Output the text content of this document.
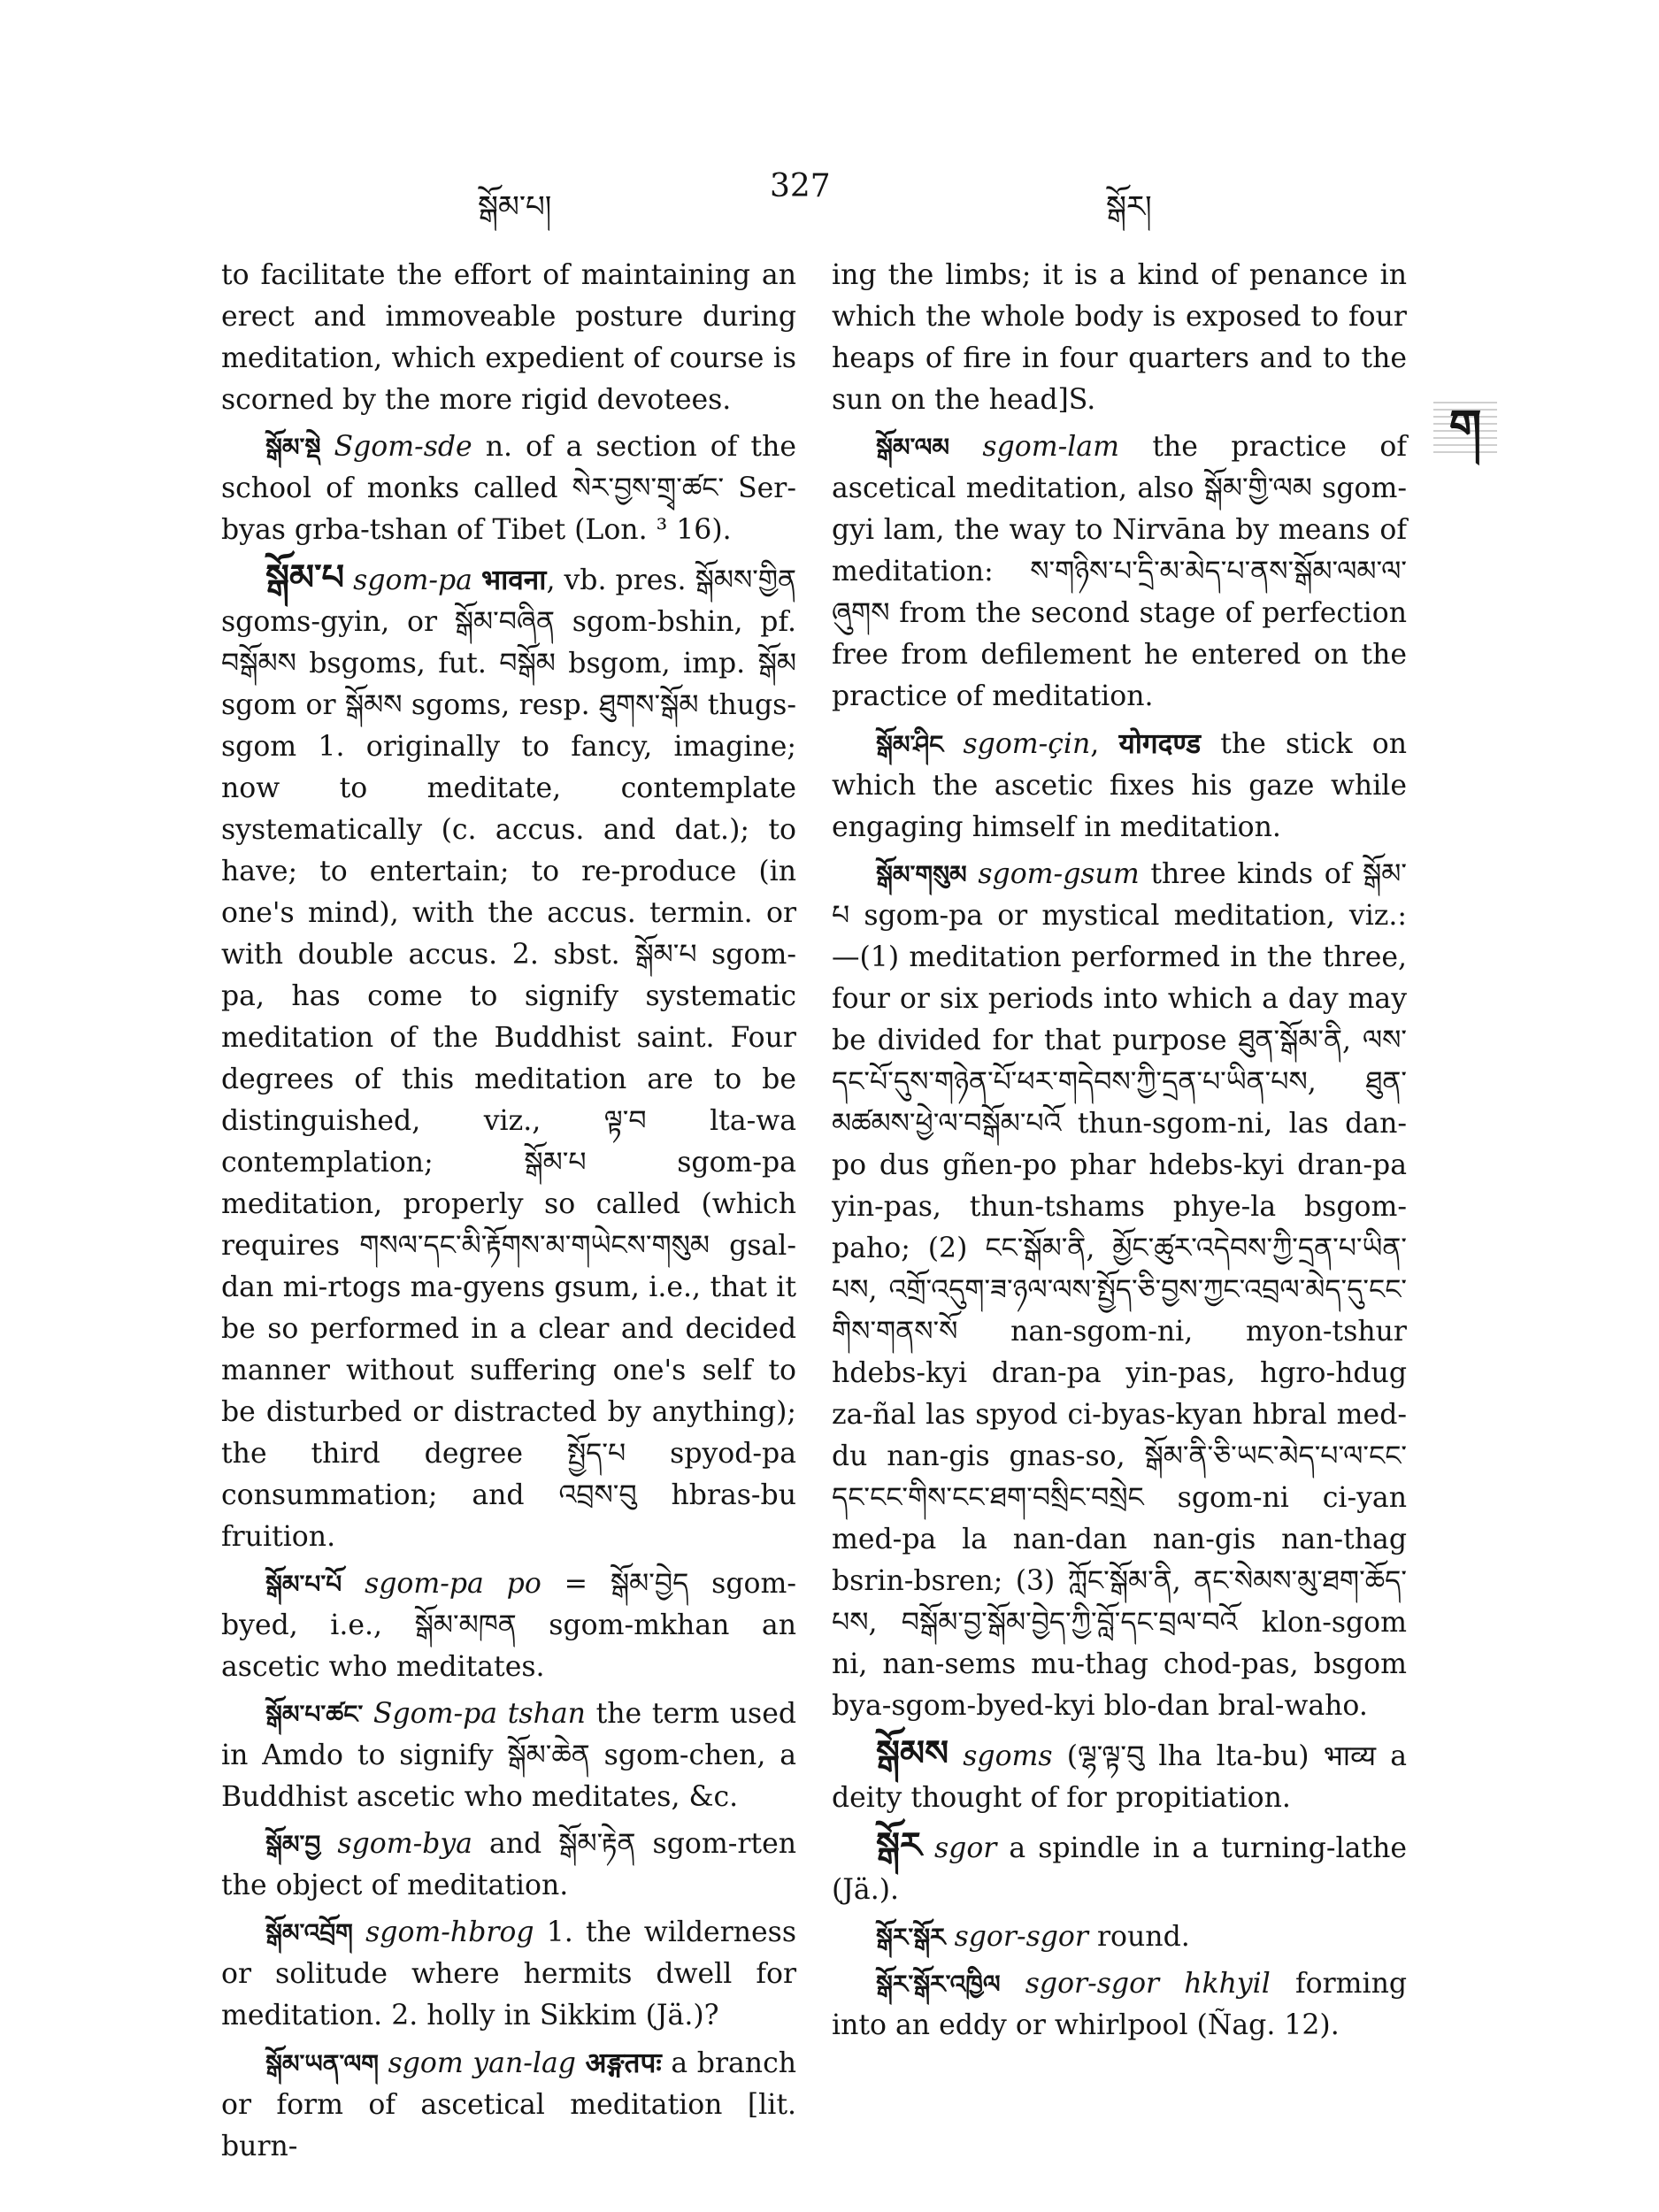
སྒོམ་པ།
327
སྒོར།
ག

to facilitate the effort of maintaining an erect and immoveable posture during meditation, which expedient of course is scorned by the more rigid devotees.

སྒོམ་སྡེ Sgom-sde n. of a section of the school of monks called སེར་བྱས་གྲྭ་ཚང་ Ser-byas grba-tshan of Tibet (Lon. ³ 16).

སྒོམ་པ sgom-pa भावना, vb. pres. སྒོམས་གྱིན sgoms-gyin, or སྒོམ་བཞིན sgom-bshin, pf. བསྒོམས bsgoms, fut. བསྒོམ bsgom, imp. སྒོམ sgom or སྒོམས sgoms, resp. ཐུགས་སྒོམ thugs-sgom 1. originally to fancy, imagine; now to meditate, contemplate systematically (c. accus. and dat.); to have; to entertain; to re-produce (in one's mind), with the accus. termin. or with double accus. 2. sbst. སྒོམ་པ sgom-pa, has come to signify systematic meditation of the Buddhist saint. Four degrees of this meditation are to be distinguished, viz., ལྟ་བ lta-wa contemplation; སྒོམ་པ sgom-pa meditation, properly so called (which requires གསལ་དང་མི་རྟོགས་མ་གཡེངས་གསུམ gsal-dan mi-rtogs ma-gyens gsum, i.e., that it be so performed in a clear and decided manner without suffering one's self to be disturbed or distracted by anything); the third degree སྤྱོད་པ spyod-pa consummation; and འབྲས་བུ hbras-bu fruition.

སྒོམ་པ་པོ sgom-pa po = སྒོམ་བྱེད sgom-byed, i.e., སྒོམ་མཁན sgom-mkhan an ascetic who meditates.

སྒོམ་པ་ཚང་ Sgom-pa tshan the term used in Amdo to signify སྒོམ་ཆེན sgom-chen, a Buddhist ascetic who meditates, &c.

སྒོམ་བྱ sgom-bya and སྒོམ་རྟེན sgom-rten the object of meditation.

སྒོམ་འབྲོག sgom-hbrog 1. the wilderness or solitude where hermits dwell for meditation. 2. holly in Sikkim (Jä.)?

སྒོམ་ཡན་ལག sgom yan-lag अङ्गतपः a branch or form of ascetical meditation [lit. burn-

ing the limbs; it is a kind of penance in which the whole body is exposed to four heaps of fire in four quarters and to the sun on the head]S.

སྒོམ་ལམ sgom-lam the practice of ascetical meditation, also སྒོམ་གྱི་ལམ sgom-gyi lam, the way to Nirvāna by means of meditation: ས་གཉིས་པ་དྲི་མ་མེད་པ་ནས་སྒོམ་ལམ་ལ་ཞུགས from the second stage of perfection free from defilement he entered on the practice of meditation.

སྒོམ་ཤིང sgom-çin, योगदण्ड the stick on which the ascetic fixes his gaze while engaging himself in meditation.

སྒོམ་གསུམ sgom-gsum three kinds of སྒོམ་པ sgom-pa or mystical meditation, viz.:—(1) meditation performed in the three, four or six periods into which a day may be divided for that purpose ཐུན་སྒོམ་ནི, ལས་དང་པོ་དུས་གཉེན་པོ་ཕར་གདེབས་ཀྱི་དྲན་པ་ཡིན་པས, ཐུན་མཚམས་ཕྱེ་ལ་བསྒོམ་པའོ thun-sgom-ni, las dan-po dus gñen-po phar hdebs-kyi dran-pa yin-pas, thun-tshams phye-la bsgom-paho; (2) ངང་སྒོམ་ནི, མྱོང་ཚུར་འདེབས་ཀྱི་དྲན་པ་ཡིན་པས, འགྲོ་འདུག་ཟ་ཉལ་ལས་སྤྱོད་ཅི་བྱས་ཀྱང་འབྲལ་མེད་དུ་ངང་གིས་གནས་སོ nan-sgom-ni, myon-tshur hdebs-kyi dran-pa yin-pas, hgro-hdug za-ñal las spyod ci-byas-kyan hbral med-du nan-gis gnas-so, སྒོམ་ནི་ཅི་ཡང་མེད་པ་ལ་ངང་དང་ངང་གིས་ངང་ཐག་བསྲིང་བསྲེང sgom-ni ci-yan med-pa la nan-dan nan-gis nan-thag bsrin-bsren; (3) ཀློང་སྒོམ་ནི, ནང་སེམས་མུ་ཐག་ཆོད་པས, བསྒོམ་བྱ་སྒོམ་བྱེད་ཀྱི་བློ་དང་བྲལ་བའོ klon-sgom ni, nan-sems mu-thag chod-pas, bsgom bya-sgom-byed-kyi blo-dan bral-waho.

སྒོམས sgoms (ལྷ་ལྟ་བུ lha lta-bu) भाव्य a deity thought of for propitiation.

སྒོར sgor a spindle in a turning-lathe (Jä.).

སྒོར་སྒོར sgor-sgor round.

སྒོར་སྒོར་འཁྱིལ sgor-sgor hkhyil forming into an eddy or whirlpool (Ñag. 12).
